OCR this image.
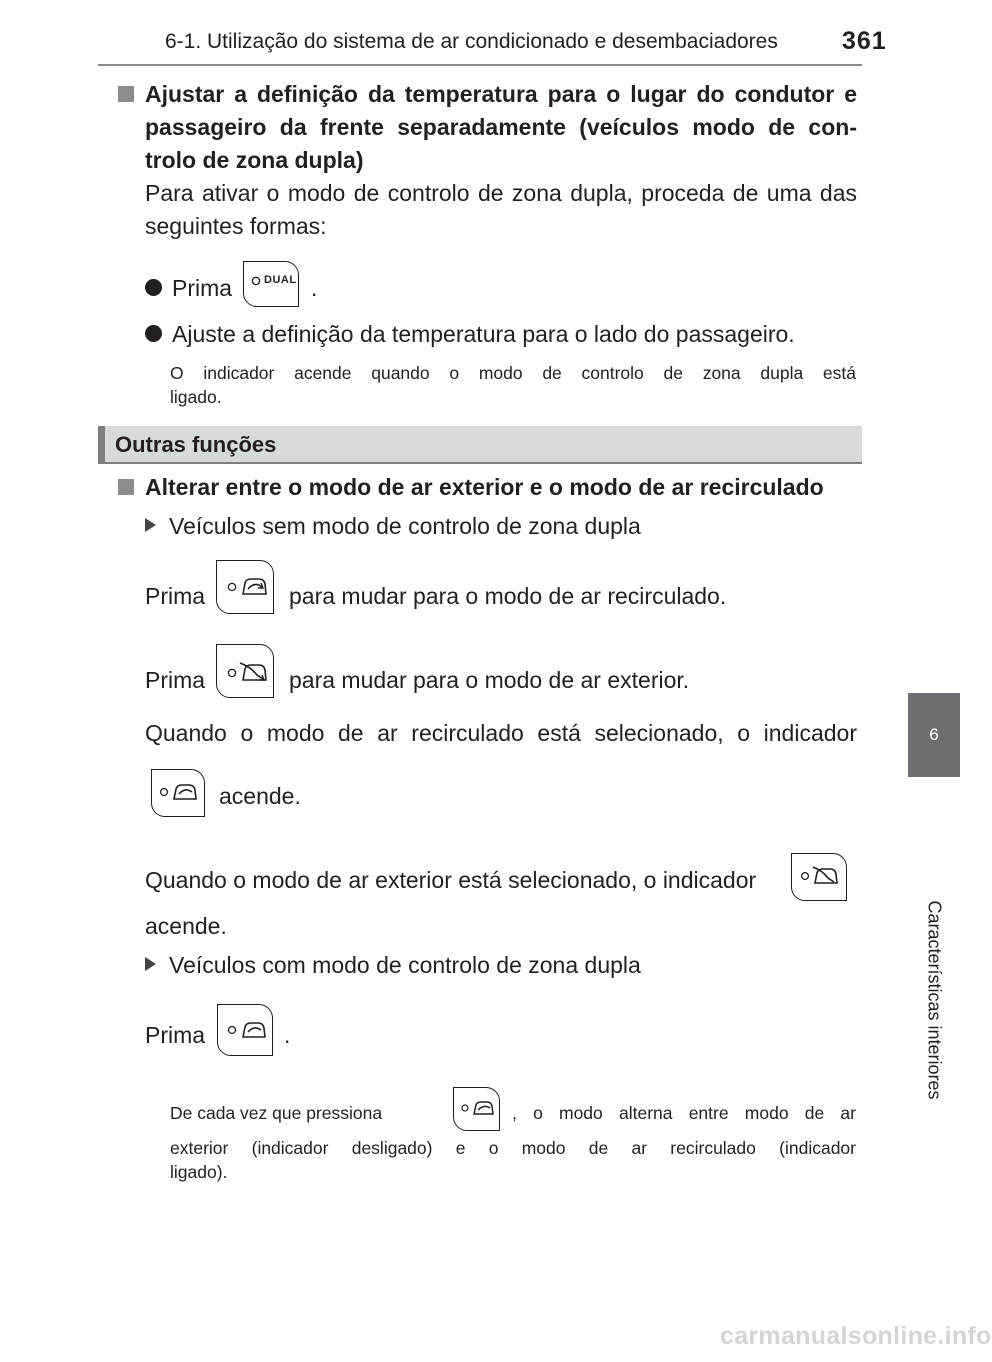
6-1. Utilização do sistema de ar condicionado e desembaciadores	361
6
Características interiores
Ajustar a definição da temperatura para o lugar do condutor e
passageiro da frente separadamente (veículos modo de con-
trolo de zona dupla)
Para ativar o modo de controlo de zona dupla, proceda de uma das
seguintes formas:
Prima	DUAL .
Ajuste a definição da temperatura para o lado do passageiro.
O indicador acende quando o modo de controlo de zona dupla está
ligado.
Outras funções
Alterar entre o modo de ar exterior e o modo de ar recirculado
Veículos sem modo de controlo de zona dupla
Prima	para mudar para o modo de ar recirculado.
Prima	para mudar para o modo de ar exterior.
Quando o modo de ar recirculado está selecionado, o indicador
acende.
Quando o modo de ar exterior está selecionado, o indicador
acende.
Veículos com modo de controlo de zona dupla
Prima	.
De cada vez que pressiona	, o modo alterna entre modo de ar
exterior (indicador desligado) e o modo de ar recirculado (indicador
ligado).
carmanualsonline.info
